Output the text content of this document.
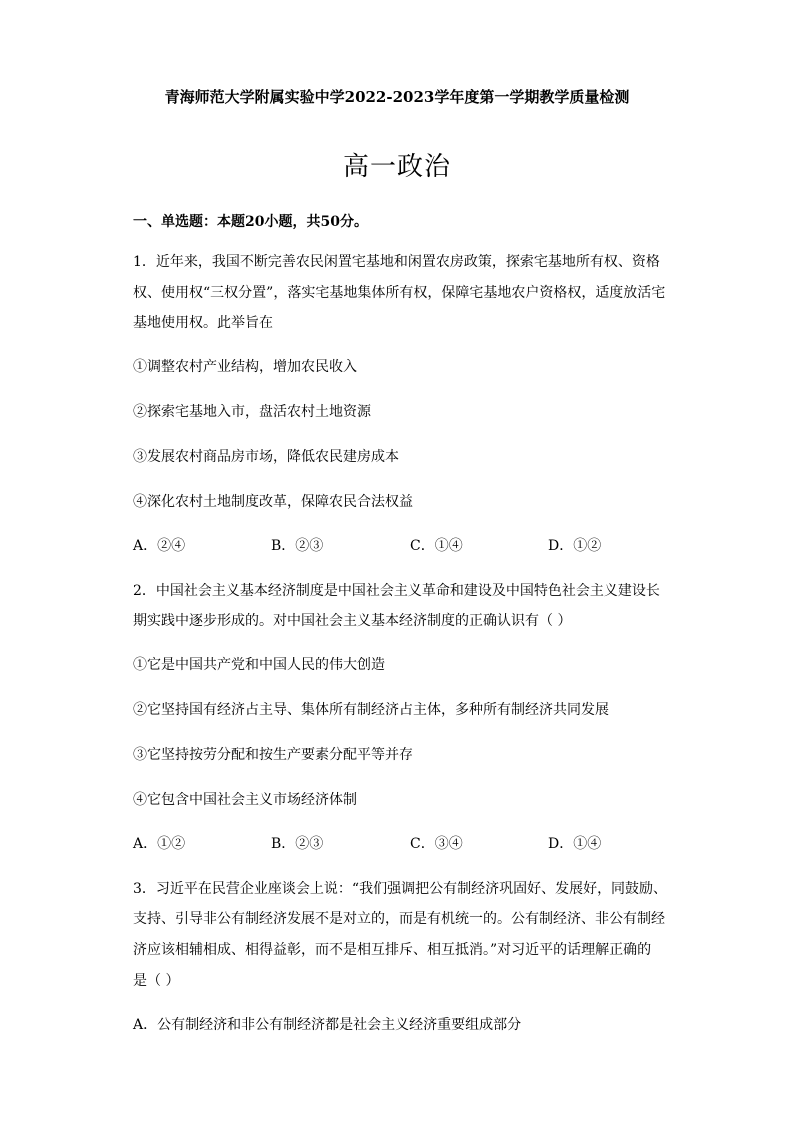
青海师范大学附属实验中学2022-2023学年度第一学期教学质量检测
高一政治
一、单选题：本题20小题，共50分。
1．近年来，我国不断完善农民闲置宅基地和闲置农房政策，探索宅基地所有权、资格
权、使用权“三权分置”，落实宅基地集体所有权，保障宅基地农户资格权，适度放活宅
基地使用权。此举旨在
①调整农村产业结构，增加农民收入
②探索宅基地入市，盘活农村土地资源
③发展农村商品房市场，降低农民建房成本
④深化农村土地制度改革，保障农民合法权益
A．②④	B．②③	C．①④	D．①②
2．中国社会主义基本经济制度是中国社会主义革命和建设及中国特色社会主义建设长
期实践中逐步形成的。对中国社会主义基本经济制度的正确认识有（ ）
①它是中国共产党和中国人民的伟大创造
②它坚持国有经济占主导、集体所有制经济占主体，多种所有制经济共同发展
③它坚持按劳分配和按生产要素分配平等并存
④它包含中国社会主义市场经济体制
A．①②	B．②③	C．③④	D．①④
3．习近平在民营企业座谈会上说：“我们强调把公有制经济巩固好、发展好，同鼓励、
支持、引导非公有制经济发展不是对立的，而是有机统一的。公有制经济、非公有制经
济应该相辅相成、相得益彰，而不是相互排斥、相互抵消。”对习近平的话理解正确的
是（ ）
A．公有制经济和非公有制经济都是社会主义经济重要组成部分
